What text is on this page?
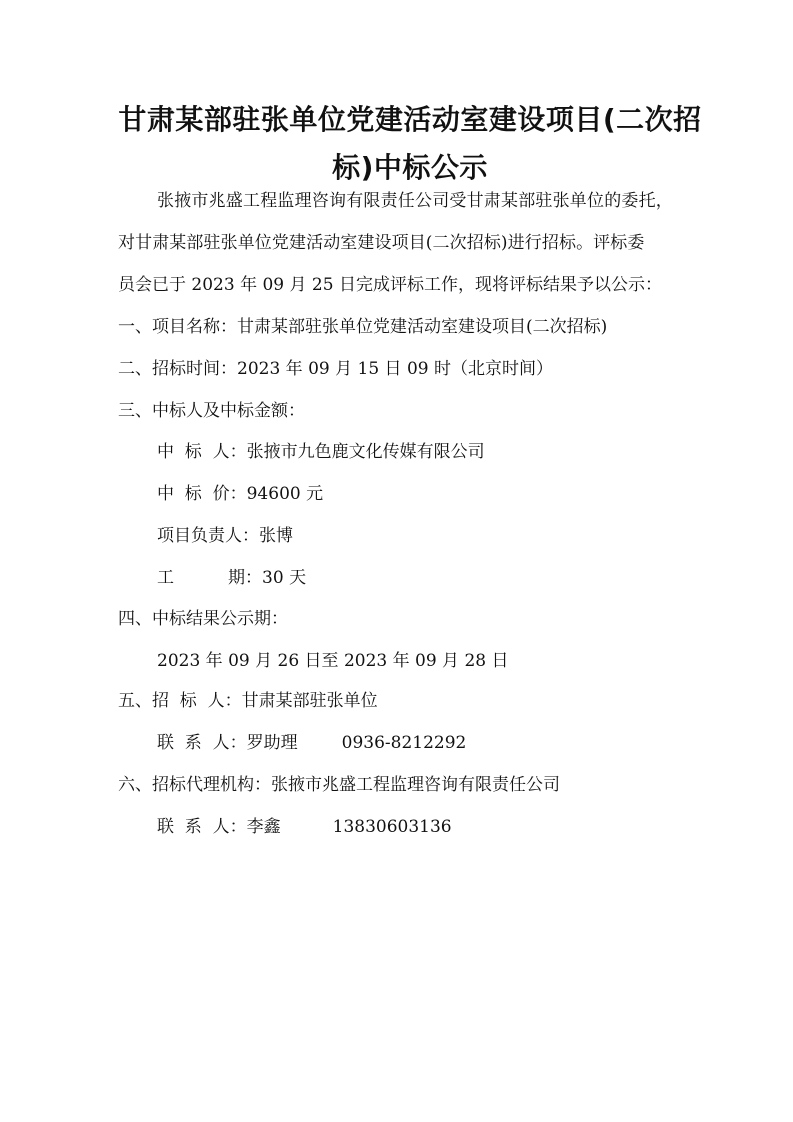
甘肃某部驻张单位党建活动室建设项目(二次招标)中标公示

张掖市兆盛工程监理咨询有限责任公司受甘肃某部驻张单位的委托，

对甘肃某部驻张单位党建活动室建设项目(二次招标)进行招标。评标委

员会已于 2023 年 09 月 25 日完成评标工作，现将评标结果予以公示：

一、项目名称：甘肃某部驻张单位党建活动室建设项目(二次招标)

二、招标时间：2023 年 09 月 15 日 09 时（北京时间）

三、中标人及中标金额：

中  标  人：张掖市九色鹿文化传媒有限公司

中  标  价：94600 元

项目负责人：张博

工          期：30 天

四、中标结果公示期：

2023 年 09 月 26 日至 2023 年 09 月 28 日

五、招  标  人：甘肃某部驻张单位

联  系  人：罗助理	0936-8212292

六、招标代理机构：张掖市兆盛工程监理咨询有限责任公司

联  系  人：李鑫	13830603136
